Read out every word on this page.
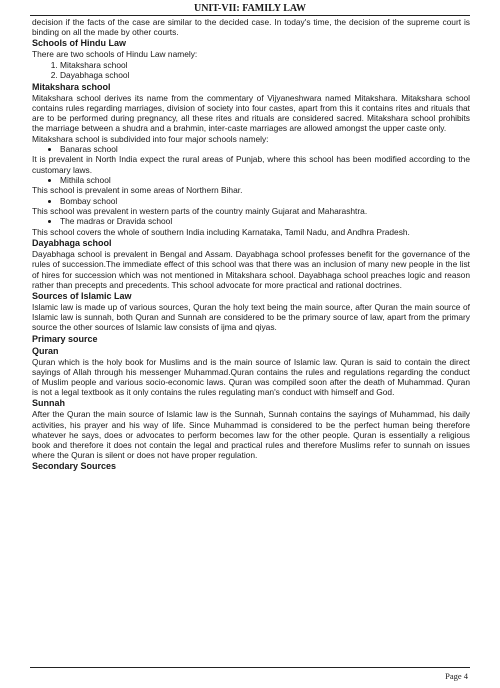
UNIT-VII: FAMILY LAW

decision if the facts of the case are similar to the decided case. In today's time, the decision of the supreme court is binding on all the made by other courts.

Schools of Hindu Law

There are two schools of Hindu Law namely:

1. Mitakshara school
2. Dayabhaga school
Mitakshara school

Mitakshara school derives its name from the commentary of Vijyaneshwara named Mitakshara. Mitakshara school contains rules regarding marriages, division of society into four castes, apart from this it contains rites and rituals that are to be performed during pregnancy, all these rites and rituals are considered sacred. Mitakshara school prohibits the marriage between a shudra and a brahmin, inter-caste marriages are allowed amongst the upper caste only.

Mitakshara school is subdivided into four major schools namely:

• Banaras school

It is prevalent in North India expect the rural areas of Punjab, where this school has been modified according to the customary laws.

• Mithila school

This school is prevalent in some areas of Northern Bihar.

• Bombay school

This school was prevalent in western parts of the country mainly Gujarat and Maharashtra.

• The madras or Dravida school

This school covers the whole of southern India including Karnataka, Tamil Nadu, and Andhra Pradesh.

Dayabhaga school

Dayabhaga school is prevalent in Bengal and Assam. Dayabhaga school professes benefit for the governance of the rules of succession.The immediate effect of this school was that there was an inclusion of many new people in the list of hires for succession which was not mentioned in Mitakshara school. Dayabhaga school preaches logic and reason rather than precepts and precedents. This school advocate for more practical and rational doctrines.

Sources of Islamic Law

Islamic law is made up of various sources, Quran the holy text being the main source, after Quran the main source of Islamic law is sunnah, both Quran and Sunnah are considered to be the primary source of law, apart from the primary source the other sources of Islamic law consists of ijma and qiyas.

Primary source
Quran

Quran which is the holy book for Muslims and is the main source of Islamic law. Quran is said to contain the direct sayings of Allah through his messenger Muhammad.Quran contains the rules and regulations regarding the conduct of Muslim people and various socio-economic laws. Quran was compiled soon after the death of Muhammad. Quran is not a legal textbook as it only contains the rules regulating man's conduct with himself and God.

Sunnah

After the Quran the main source of Islamic law is the Sunnah, Sunnah contains the sayings of Muhammad, his daily activities, his prayer and his way of life. Since Muhammad is considered to be the perfect human being therefore whatever he says, does or advocates to perform becomes law for the other people. Quran is essentially a religious book and therefore it does not contain the legal and practical rules and therefore Muslims refer to sunnah on issues where the Quran is silent or does not have proper regulation.

Secondary Sources
Page 4
